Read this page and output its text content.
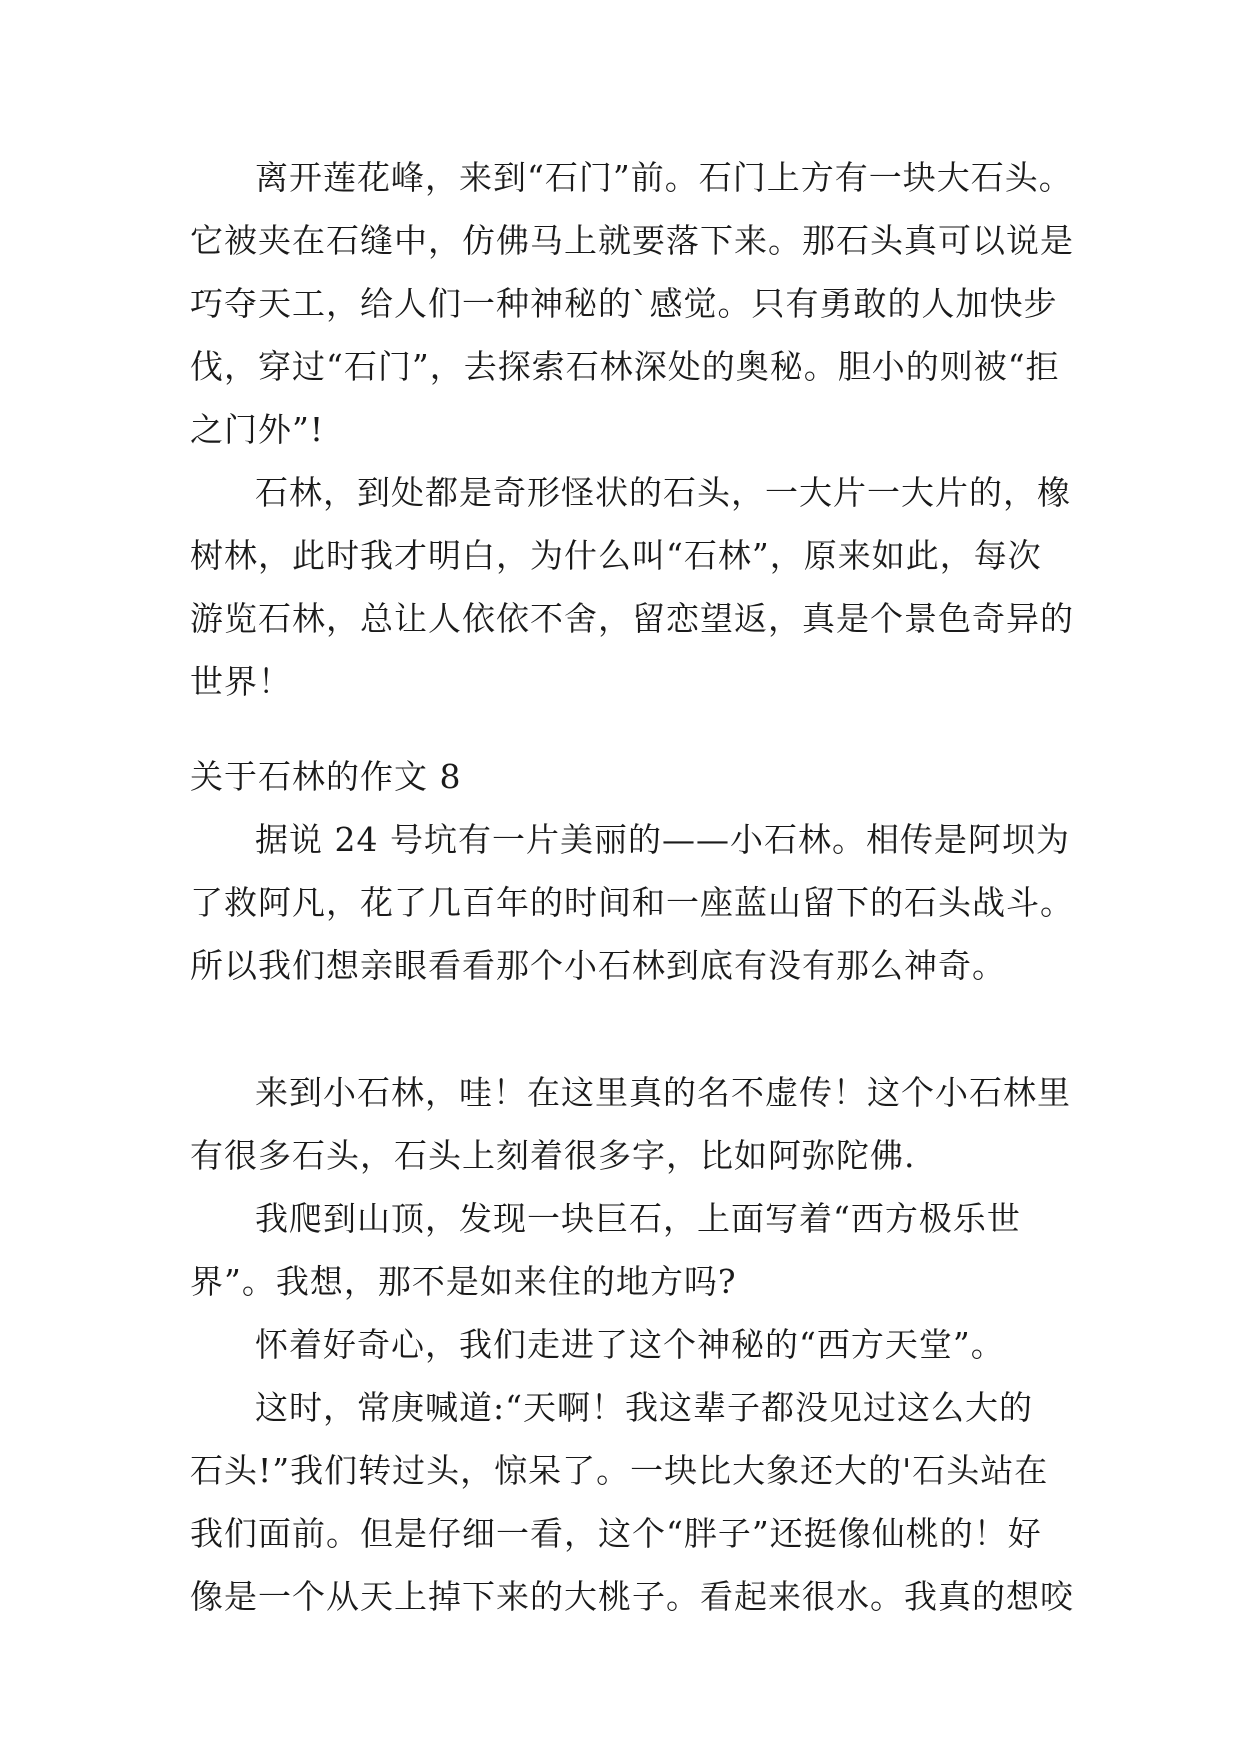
离开莲花峰，来到“石门”前。石门上方有一块大石头。
它被夹在石缝中，仿佛马上就要落下来。那石头真可以说是
巧夺天工，给人们一种神秘的`感觉。只有勇敢的人加快步
伐，穿过“石门”，去探索石林深处的奥秘。胆小的则被“拒
之门外”!
石林，到处都是奇形怪状的石头，一大片一大片的，橡
树林，此时我才明白，为什么叫“石林”，原来如此，每次
游览石林，总让人依依不舍，留恋望返，真是个景色奇异的
世界！
关于石林的作文 8
据说 24 号坑有一片美丽的——小石林。相传是阿坝为
了救阿凡，花了几百年的时间和一座蓝山留下的石头战斗。
所以我们想亲眼看看那个小石林到底有没有那么神奇。
来到小石林，哇！在这里真的名不虚传！这个小石林里
有很多石头，石头上刻着很多字，比如阿弥陀佛.
我爬到山顶，发现一块巨石，上面写着“西方极乐世
界”。我想，那不是如来住的地方吗?
怀着好奇心，我们走进了这个神秘的“西方天堂”。
这时，常庚喊道:“天啊！我这辈子都没见过这么大的
石头!”我们转过头，惊呆了。一块比大象还大的'石头站在
我们面前。但是仔细一看，这个“胖子”还挺像仙桃的！好
像是一个从天上掉下来的大桃子。看起来很水。我真的想咬
